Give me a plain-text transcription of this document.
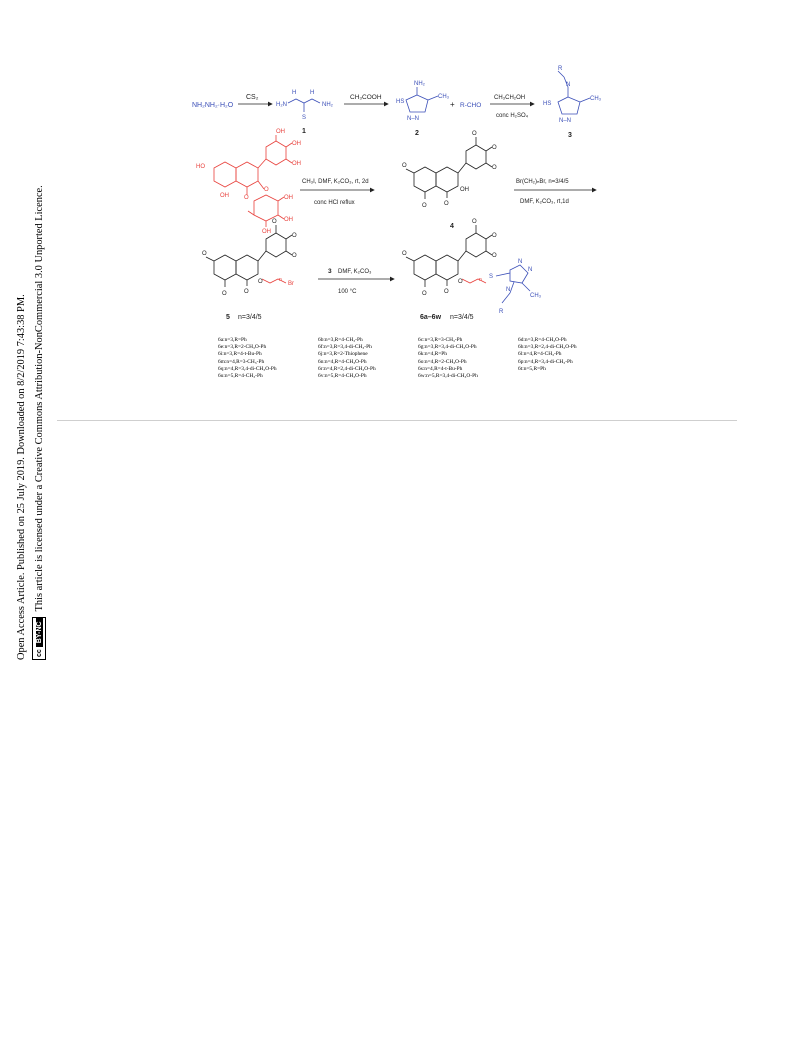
Open Access Article. Published on 25 July 2019. Downloaded on 8/2/2019 7:43:38 PM. cc
BY-NC
This article is licensed under a Creative Commons Attribution-NonCommercial 3.0 Unported Licence.
NH₂NH₂·H₂O
CS₂
H₂N
H H
NH₂
S
1
CH₃COOH
HS
NH₂
CH₃
N–N
2
+ R-CHO
CH₃CH₂OH
conc H₂SO₄
R
N
HS
CH₃
N–N
3
OH
OH
OH
HO
OH	O
O
OH
OH
OH
CH₃I, DMF, K₂CO₃, rt, 2d
conc HCl reflux
O
O
O
O
OH
O
O
4
Br(CH₂)ₙBr, n=3/4/5
DMF, K₂CO₃, rt,1d
O
O
O
O
O	n
Br
O
O
5 n=3/4/5
3 DMF, K₂CO₃
100 °C
O
O
O
O
O	n S
N
N
N
CH₃
R
O
O
6a–6w n=3/4/5
6a:n=3,R=Ph	6b:n=3,R=4-CH₃-Ph	6c:n=3,R=3-CH₃-Ph	6d:n=3,R=4-CH₃O-Ph
6e:n=3,R=2-CH₃O-Ph	6f:n=3,R=3,4-di-CH₃-Ph	6g:n=3,R=3,4-di-CH₃O-Ph	6h:n=3,R=2,4-di-CH₃O-Ph
6i:n=3,R=4-t-Bu-Ph	6j:n=3,R=2-Thiophene	6k:n=4,R=Ph	6l:n=4,R=4-CH₃-Ph
6m:n=4,R=3-CH₃-Ph	6n:n=4,R=4-CH₃O-Ph	6o:n=4,R=2-CH₃O-Ph	6p:n=4,R=3,4-di-CH₃-Ph
6q:n=4,R=3,4-di-CH₃O-Ph	6r:n=4,R=2,4-di-CH₃O-Ph	6s:n=4,R=4-t-Bu-Ph	6t:n=5,R=Ph
6u:n=5,R=4-CH₃-Ph	6v:n=5,R=4-CH₃O-Ph	6w:n=5,R=3,4-di-CH₃O-Ph
